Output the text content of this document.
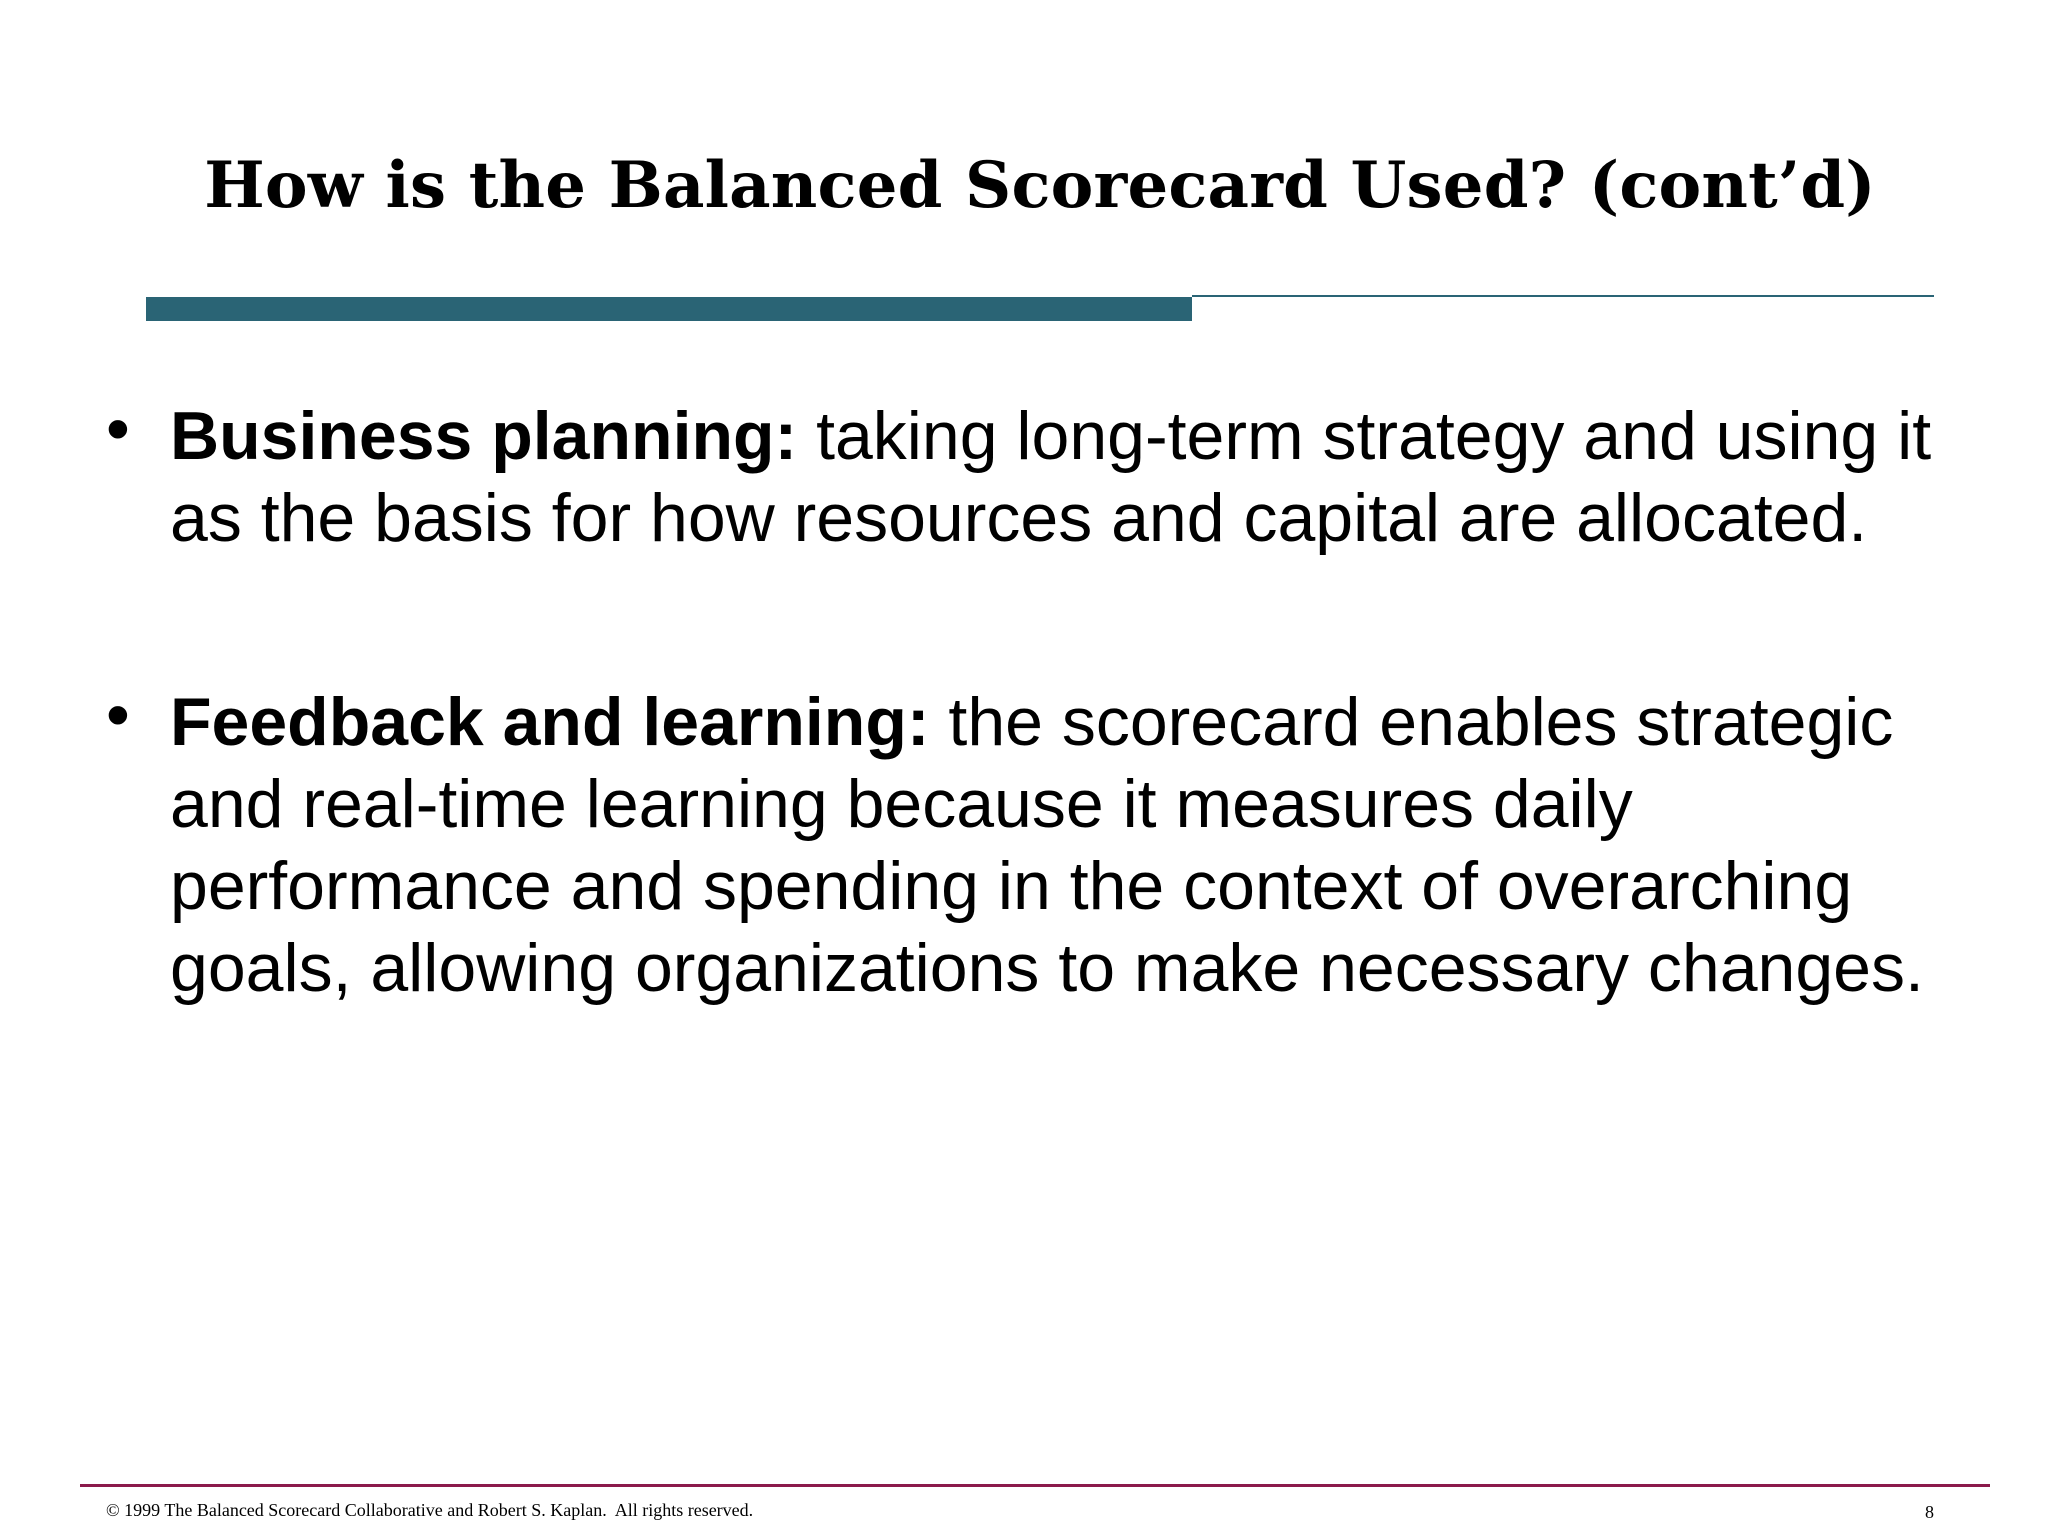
How is the Balanced Scorecard Used? (cont’d)
• Business planning: taking long-term strategy and using it as the basis for how resources and capital are allocated.
• Feedback and learning: the scorecard enables strategic and real-time learning because it measures daily performance and spending in the context of overarching goals, allowing organizations to make necessary changes.
© 1999 The Balanced Scorecard Collaborative and Robert S. Kaplan.  All rights reserved.	8
